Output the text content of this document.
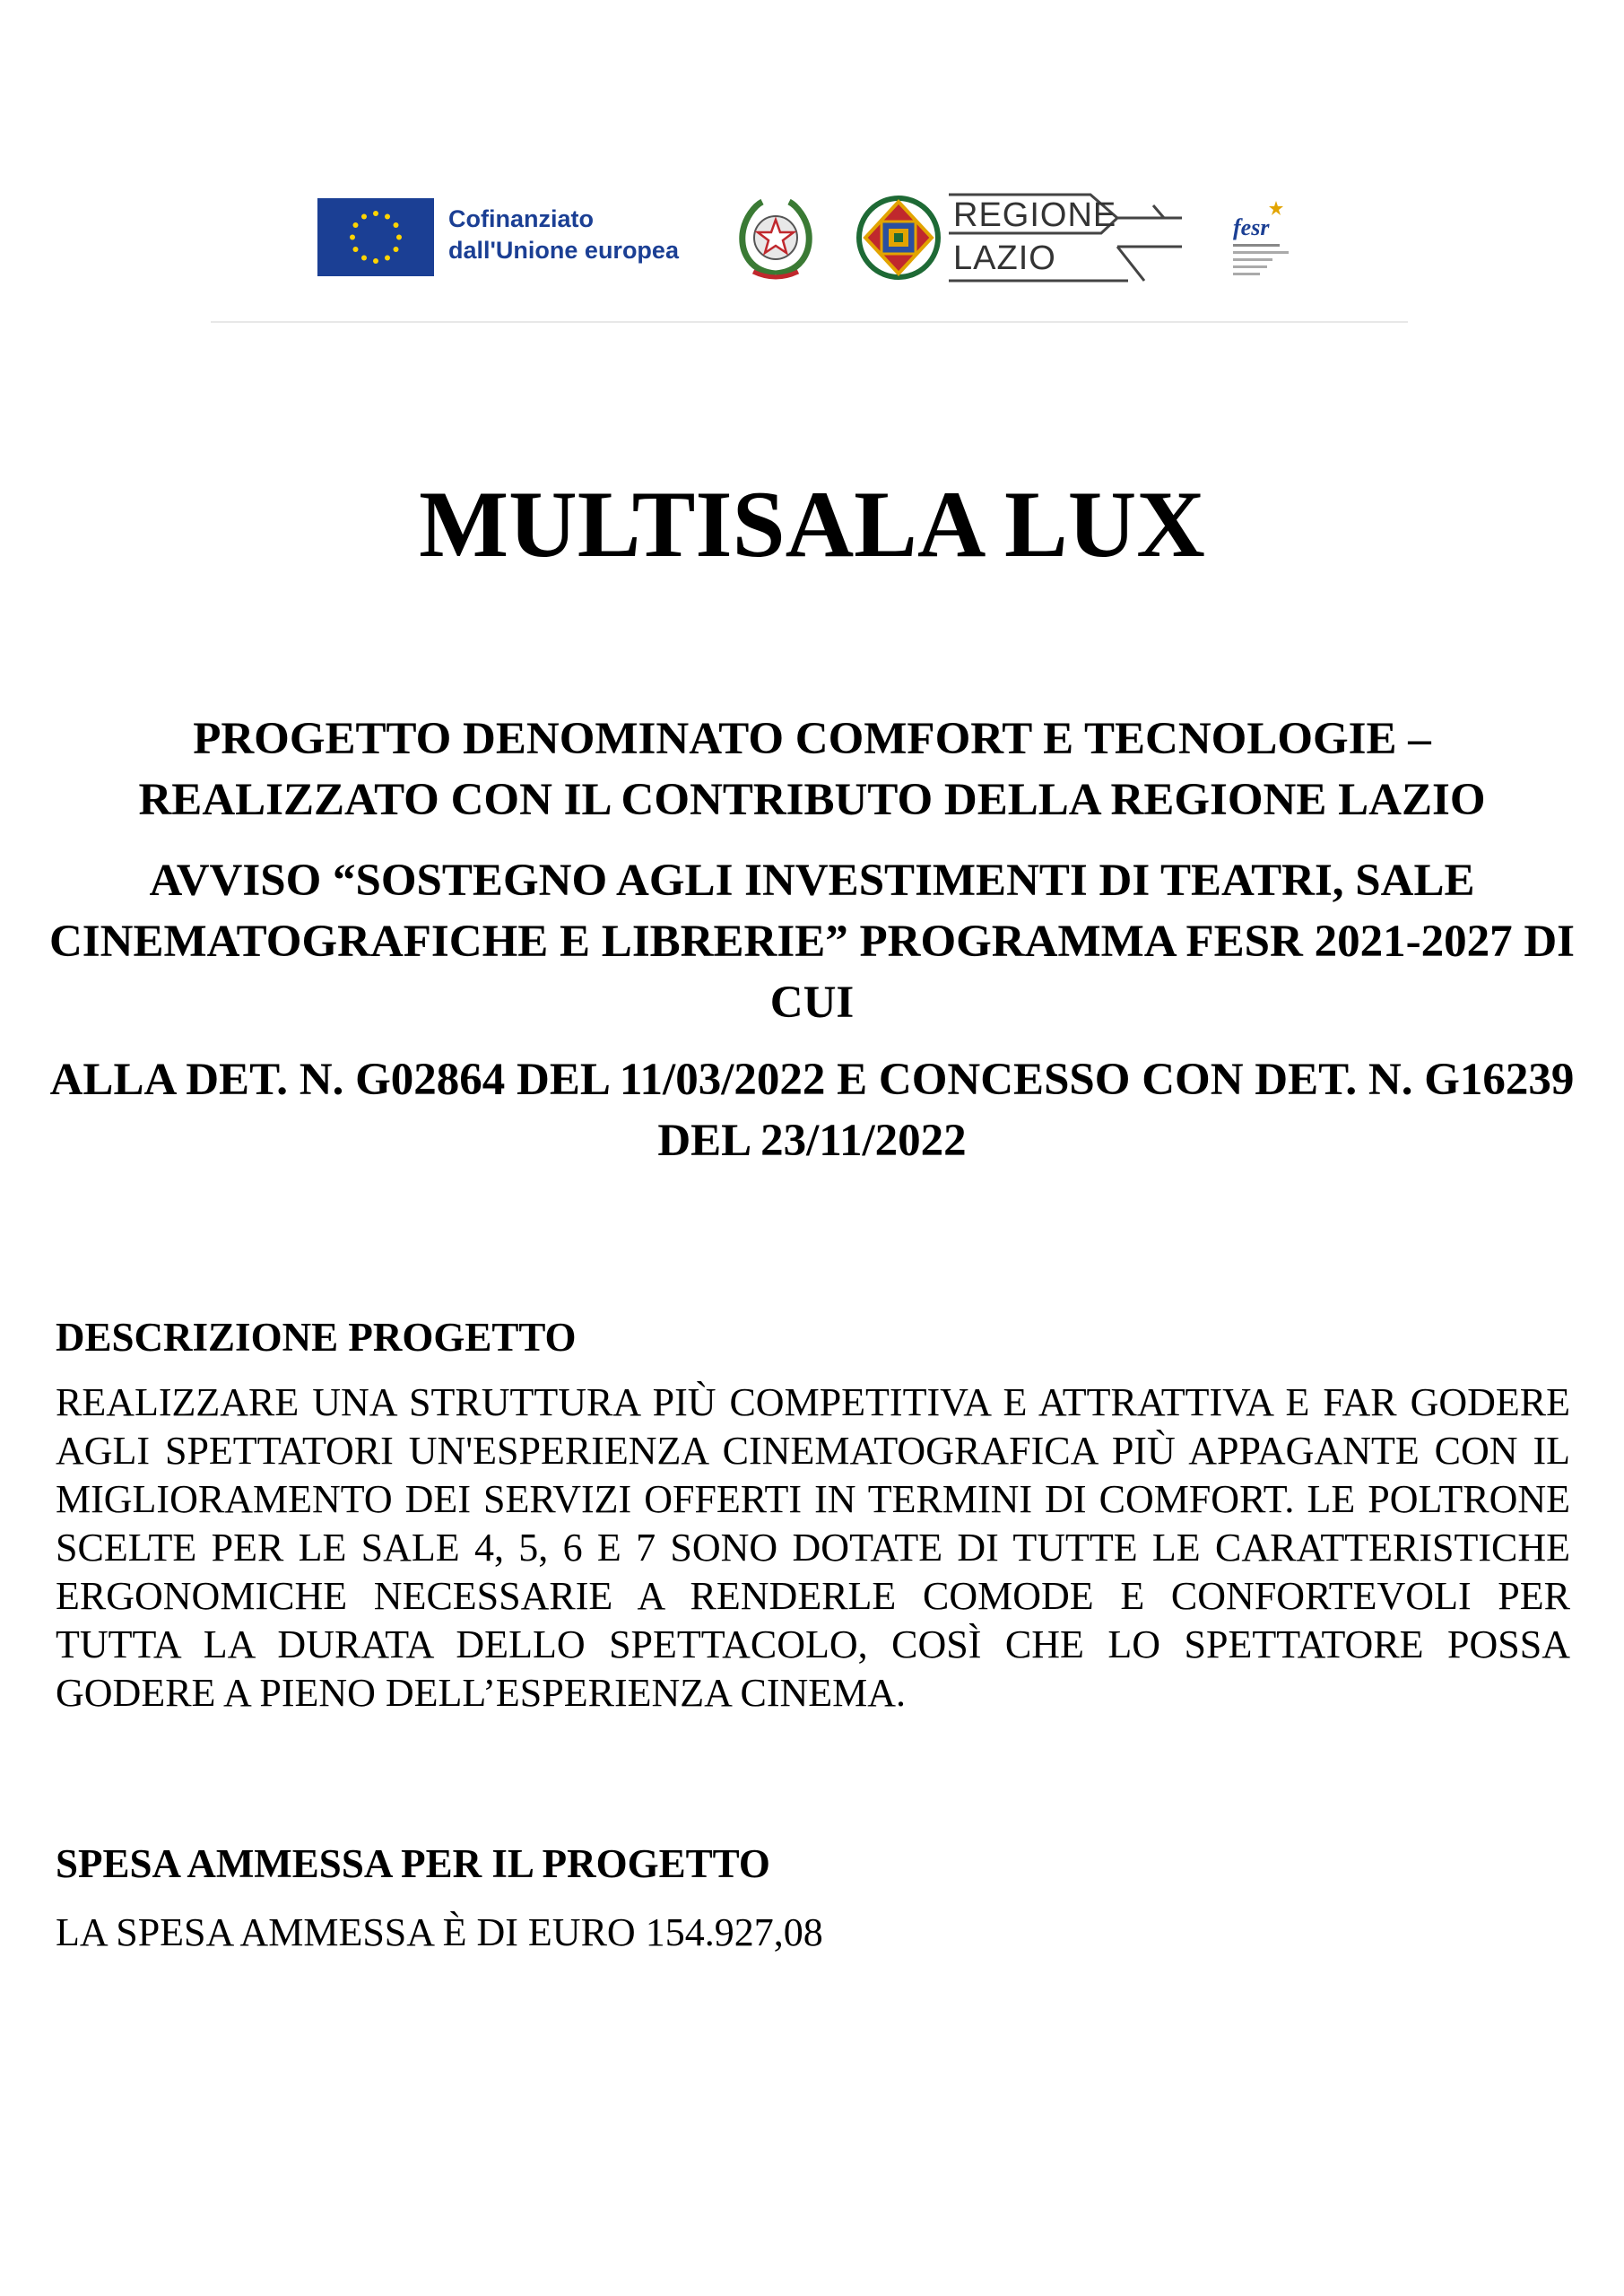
Cofinanziato
dall'Unione europea
REGIONE
LAZIO
fesr
MULTISALA LUX
PROGETTO DENOMINATO COMFORT E TECNOLOGIE – REALIZZATO CON IL CONTRIBUTO DELLA REGIONE LAZIO
AVVISO “SOSTEGNO AGLI INVESTIMENTI DI TEATRI, SALE CINEMATOGRAFICHE E LIBRERIE” PROGRAMMA FESR 2021-2027 DI CUI
ALLA DET. N. G02864 DEL 11/03/2022 E CONCESSO CON DET. N. G16239 DEL 23/11/2022
DESCRIZIONE PROGETTO

REALIZZARE UNA STRUTTURA PIÙ COMPETITIVA E ATTRATTIVA E FAR GODERE AGLI SPETTATORI UN'ESPERIENZA CINEMATOGRAFICA PIÙ APPAGANTE CON IL MIGLIORAMENTO DEI SERVIZI OFFERTI IN TERMINI DI COMFORT. LE POLTRONE SCELTE PER LE SALE 4, 5, 6 E 7 SONO DOTATE DI TUTTE LE CARATTERISTICHE ERGONOMICHE NECESSARIE A RENDERLE COMODE E CONFORTEVOLI PER TUTTA LA DURATA DELLO SPETTACOLO, COSÌ CHE LO SPETTATORE POSSA GODERE A PIENO DELL’ESPERIENZA CINEMA.

SPESA AMMESSA PER IL PROGETTO

LA SPESA AMMESSA È DI EURO 154.927,08
